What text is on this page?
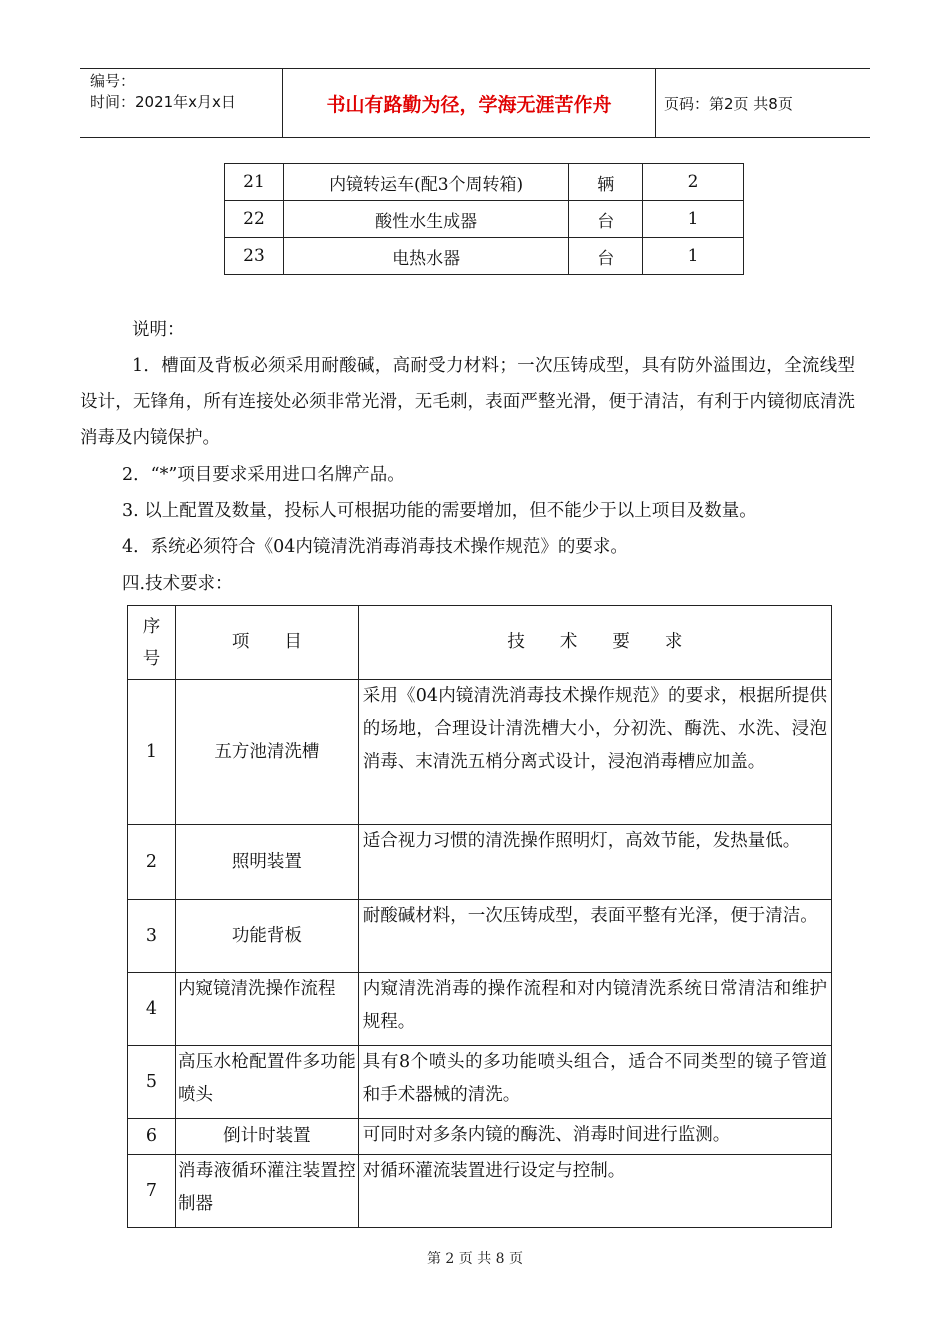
编号：
时间：2021年x月x日	书山有路勤为径，学海无涯苦作舟	页码：第2页 共8页
21	内镜转运车(配3个周转箱)	辆	2
22	酸性水生成器	台	1
23	电热水器	台	1
说明：
1．槽面及背板必须采用耐酸碱，高耐受力材料；一次压铸成型，具有防外溢围边，全流线型设计，无锋角，所有连接处必须非常光滑，无毛刺，表面严整光滑，便于清洁，有利于内镜彻底清洗消毒及内镜保护。
2．“*”项目要求采用进口名牌产品。
3. 以上配置及数量，投标人可根据功能的需要增加，但不能少于以上项目及数量。
4．系统必须符合《04内镜清洗消毒消毒技术操作规范》的要求。
四.技术要求：
序号	项　　目	技　　术　　要　　求
1	五方池清洗槽	采用《04内镜清洗消毒技术操作规范》的要求，根据所提供的场地，合理设计清洗槽大小，分初洗、酶洗、水洗、浸泡消毒、末清洗五梢分离式设计，浸泡消毒槽应加盖。
2	照明装置	适合视力习惯的清洗操作照明灯，高效节能，发热量低。
3	功能背板	耐酸碱材料，一次压铸成型，表面平整有光泽，便于清洁。
4	内窥镜清洗操作流程	内窥清洗消毒的操作流程和对内镜清洗系统日常清洁和维护规程。
5	高压水枪配置件多功能喷头	具有8个喷头的多功能喷头组合，适合不同类型的镜子管道和手术器械的清洗。
6	倒计时装置	可同时对多条内镜的酶洗、消毒时间进行监测。
7	消毒液循环灌注装置控制器	对循环灌流装置进行设定与控制。
第 2 页 共 8 页
